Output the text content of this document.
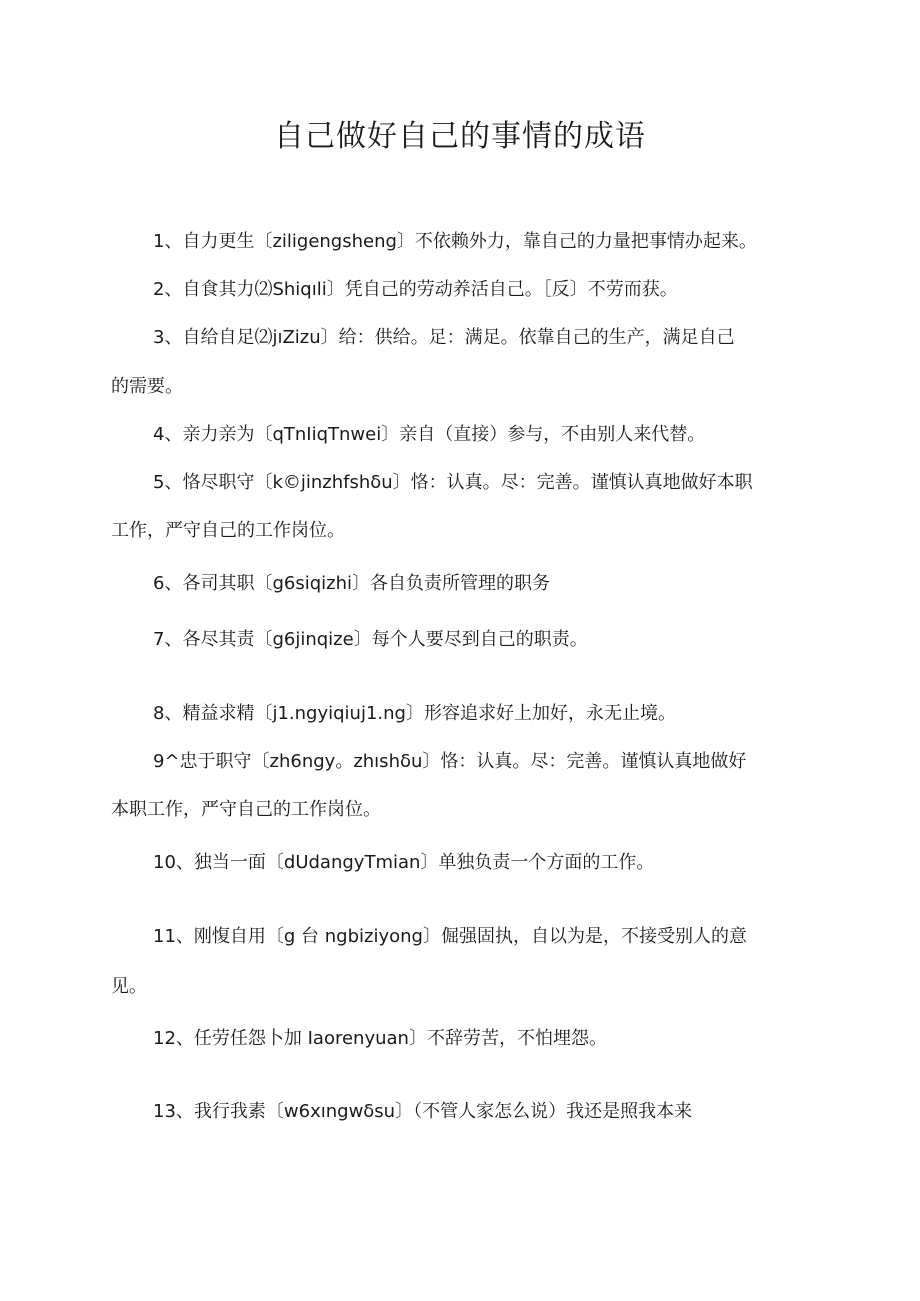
自己做好自己的事情的成语

1、自力更生〔ziligengsheng〕不依赖外力，靠自己的力量把事情办起来。

2、自食其力⑵Shiqıli〕凭自己的劳动养活自己。［反〕不劳而获。

3、自给自足⑵jıZizu〕给：供给。足：满足。依靠自己的生产，满足自己

的需要。

4、亲力亲为〔qTnIiqTnwei〕亲自（直接）参与，不由别人来代替。

5、恪尽职守〔k©jinzhfshδu〕恪：认真。尽：完善。谨慎认真地做好本职

工作，严守自己的工作岗位。

6、各司其职〔g6siqizhi〕各自负责所管理的职务

7、各尽其责〔g6jinqize〕每个人要尽到自己的职责。

8、精益求精〔j1.ngyiqiuj1.ng〕形容追求好上加好，永无止境。

9^忠于职守〔zh6ngy。zhıshδu〕恪：认真。尽：完善。谨慎认真地做好

本职工作，严守自己的工作岗位。

10、独当一面〔dUdangyTmian〕单独负责一个方面的工作。

11、刚愎自用〔g 台 ngbiziyong〕倔强固执，自以为是，不接受别人的意

见。

12、任劳任怨卜加 Iaorenyuan〕不辞劳苦，不怕埋怨。

13、我行我素〔w6xıngwδsu〕（不管人家怎么说）我还是照我本来
